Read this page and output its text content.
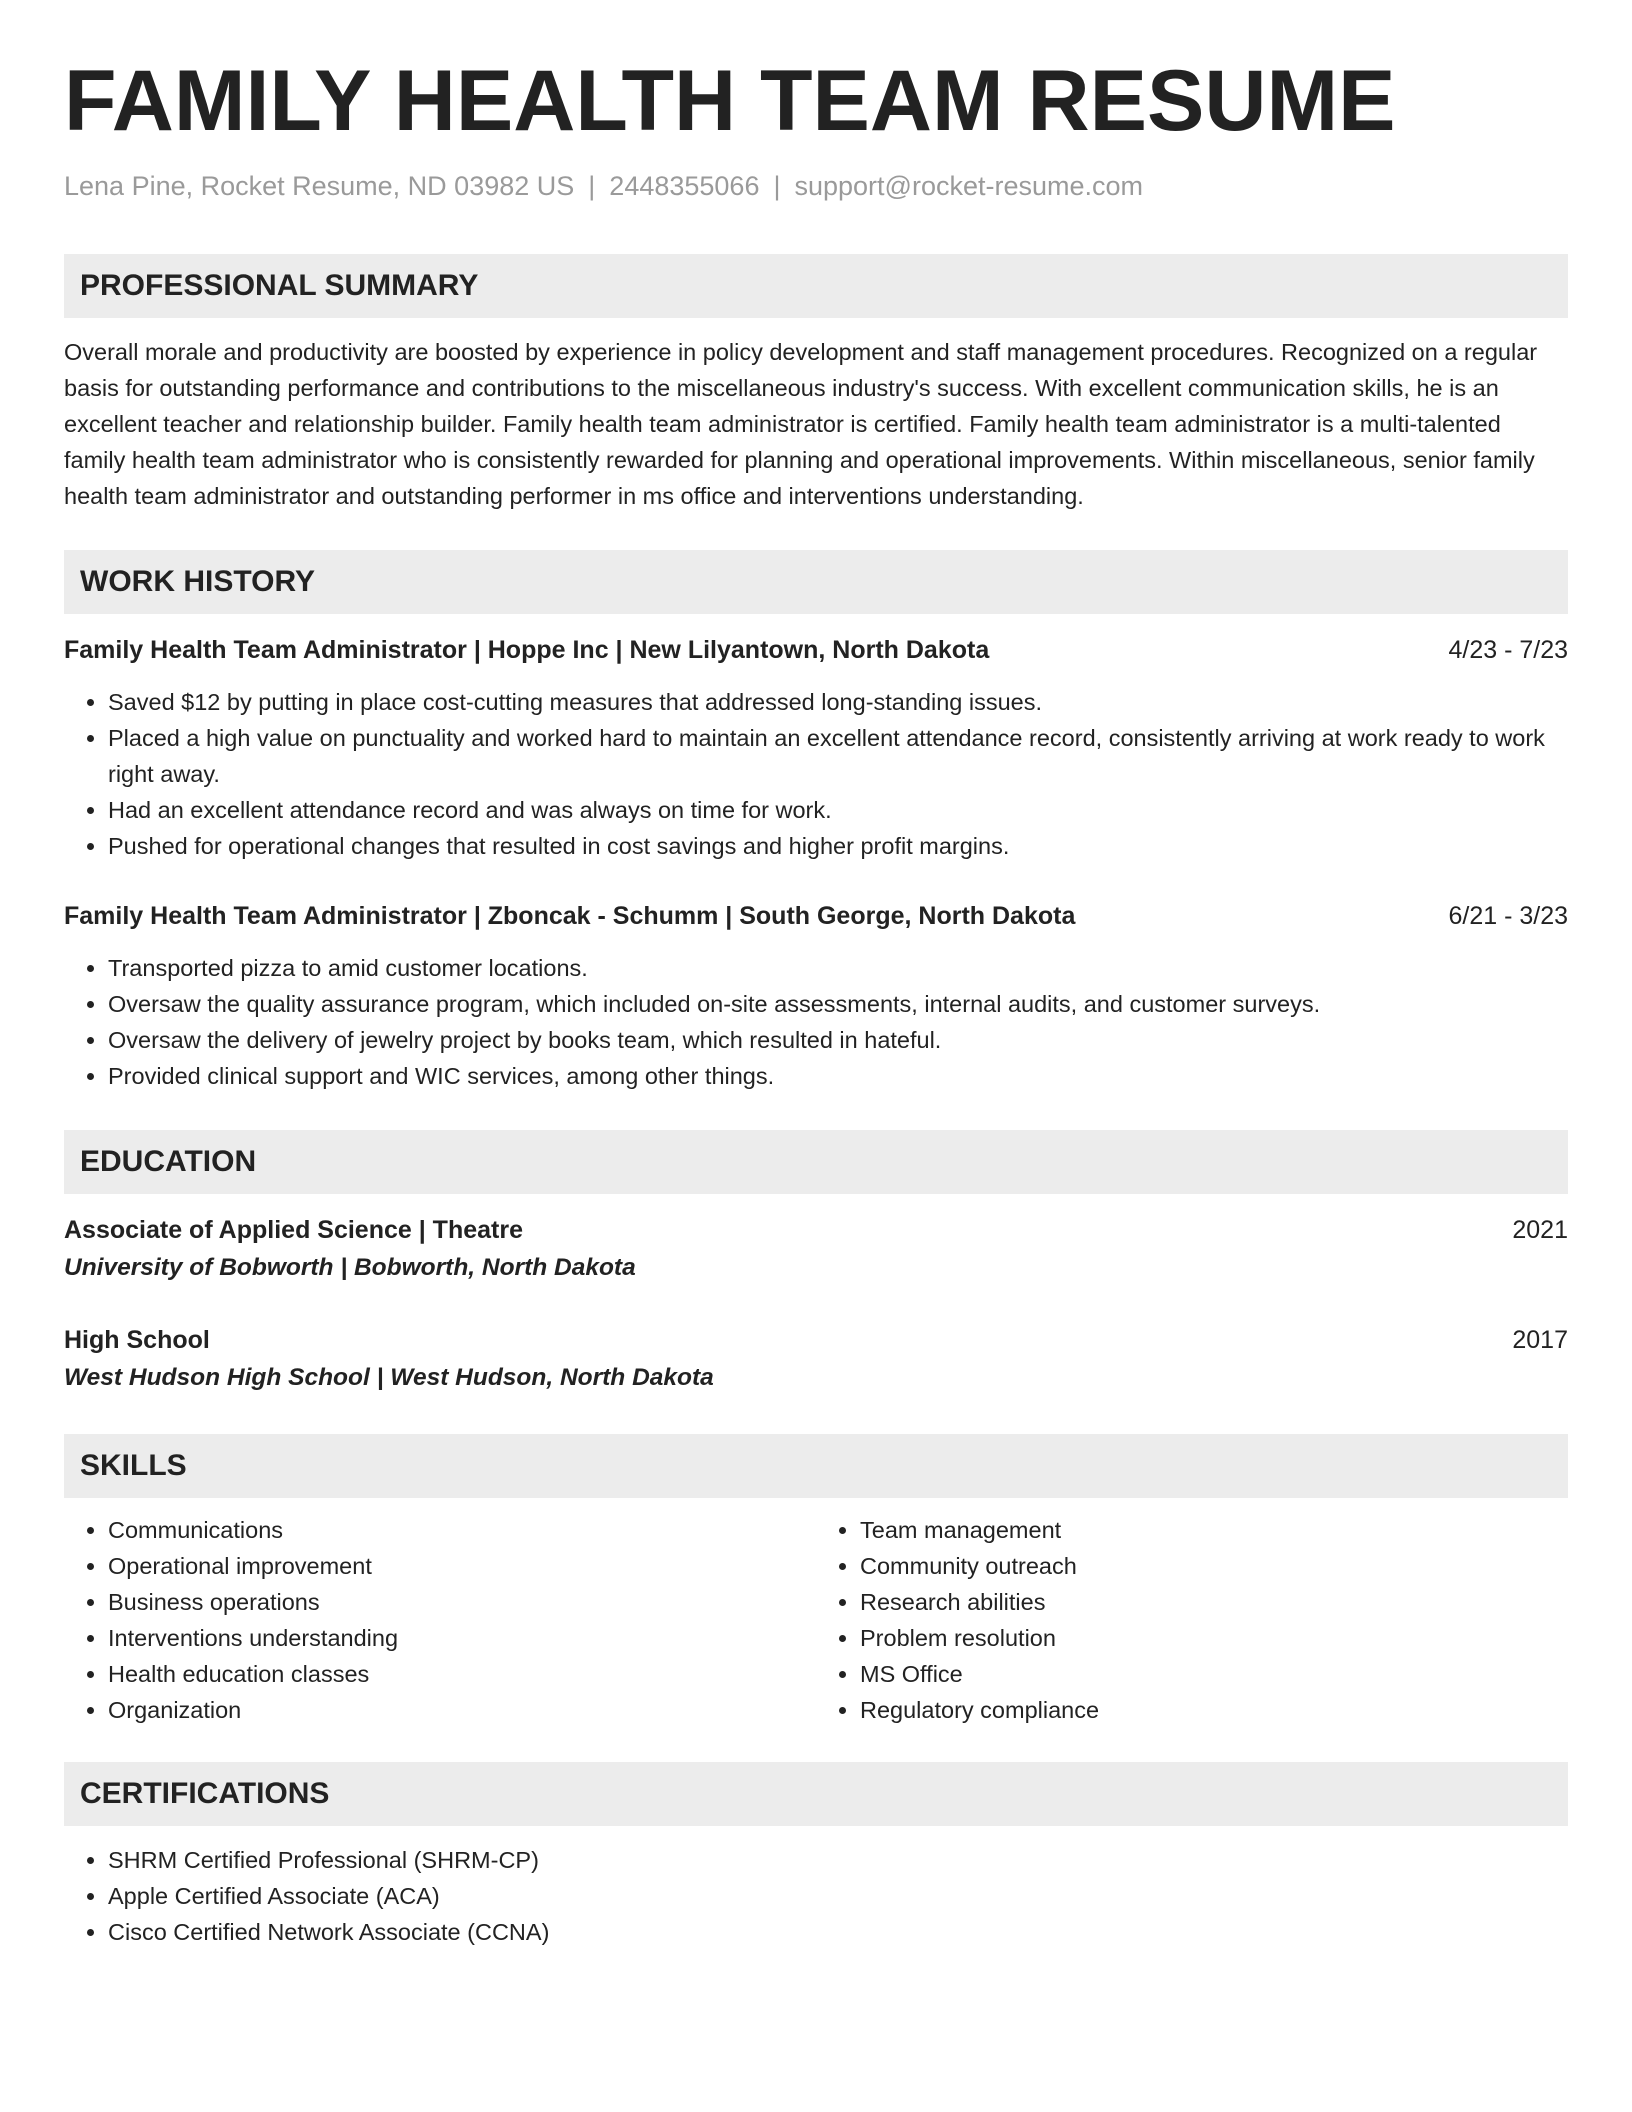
FAMILY HEALTH TEAM RESUME
Lena Pine, Rocket Resume, ND 03982 US | 2448355066 | support@rocket-resume.com
PROFESSIONAL SUMMARY
Overall morale and productivity are boosted by experience in policy development and staff management procedures. Recognized on a regular basis for outstanding performance and contributions to the miscellaneous industry's success. With excellent communication skills, he is an excellent teacher and relationship builder. Family health team administrator is certified. Family health team administrator is a multi-talented family health team administrator who is consistently rewarded for planning and operational improvements. Within miscellaneous, senior family health team administrator and outstanding performer in ms office and interventions understanding.
WORK HISTORY
Family Health Team Administrator | Hoppe Inc | New Lilyantown, North Dakota	4/23 - 7/23
• Saved $12 by putting in place cost-cutting measures that addressed long-standing issues.
• Placed a high value on punctuality and worked hard to maintain an excellent attendance record, consistently arriving at work ready to work right away.
• Had an excellent attendance record and was always on time for work.
• Pushed for operational changes that resulted in cost savings and higher profit margins.
Family Health Team Administrator | Zboncak - Schumm | South George, North Dakota	6/21 - 3/23
• Transported pizza to amid customer locations.
• Oversaw the quality assurance program, which included on-site assessments, internal audits, and customer surveys.
• Oversaw the delivery of jewelry project by books team, which resulted in hateful.
• Provided clinical support and WIC services, among other things.
EDUCATION
Associate of Applied Science | Theatre	2021
University of Bobworth | Bobworth, North Dakota
High School	2017
West Hudson High School | West Hudson, North Dakota
SKILLS
• Communications
• Operational improvement
• Business operations
• Interventions understanding
• Health education classes
• Organization
• Team management
• Community outreach
• Research abilities
• Problem resolution
• MS Office
• Regulatory compliance
CERTIFICATIONS
• SHRM Certified Professional (SHRM-CP)
• Apple Certified Associate (ACA)
• Cisco Certified Network Associate (CCNA)
